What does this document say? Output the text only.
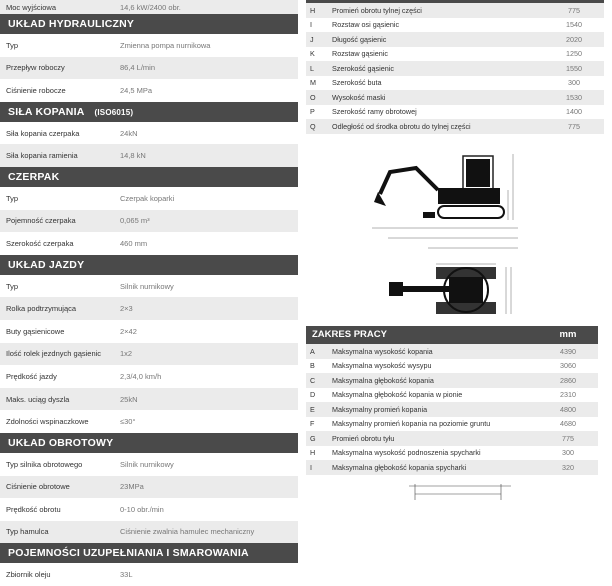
Moc wyjściowa	14,6 kW/2400 obr.
UKŁAD HYDRAULICZNY
Typ	Zmienna pompa nurnikowa
Przepływ roboczy	86,4 L/min
Ciśnienie robocze	24,5 MPa
SIŁA KOPANIA (ISO6015)
Siła kopania czerpaka	24kN
Siła kopania ramienia	14,8 kN
CZERPAK
Typ	Czerpak koparki
Pojemność czerpaka	0,065 m³
Szerokość czerpaka	460 mm
UKŁAD JAZDY
Typ	Silnik nurnikowy
Rolka podtrzymująca	2×3
Buty gąsienicowe	2×42
Ilość rolek jezdnych gąsienic	1x2
Prędkość jazdy	2,3/4,0 km/h
Maks. uciąg dyszla	25kN
Zdolności wspinaczkowe	≤30°
UKŁAD OBROTOWY
Typ silnika obrotowego	Silnik nurnikowy
Ciśnienie obrotowe	23MPa
Prędkość obrotu	0-10 obr./min
Typ hamulca	Ciśnienie zwalnia hamulec mechaniczny
POJEMNOŚCI UZUPEŁNIANIA I SMAROWANIA
Zbiornik oleju	33L
H	Promień obrotu tylnej części	775
I	Rozstaw osi gąsienic	1540
J	Długość gąsienic	2020
K	Rozstaw gąsienic	1250
L	Szerokość gąsienic	1550
M	Szerokość buta	300
O	Wysokość maski	1530
P	Szerokość ramy obrotowej	1400
Q	Odległość od środka obrotu do tylnej części	775
ZAKRES PRACY	mm
A	Maksymalna wysokość kopania	4390
B	Maksymalna wysokość wysypu	3060
C	Maksymalna głębokość kopania	2860
D	Maksymalna głębokość kopania w pionie	2310
E	Maksymalny promień kopania	4800
F	Maksymalny promień kopania na poziomie gruntu	4680
G	Promień obrotu tyłu	775
H	Maksymalna wysokość podnoszenia spycharki	300
I	Maksymalna głębokość kopania spycharki	320
